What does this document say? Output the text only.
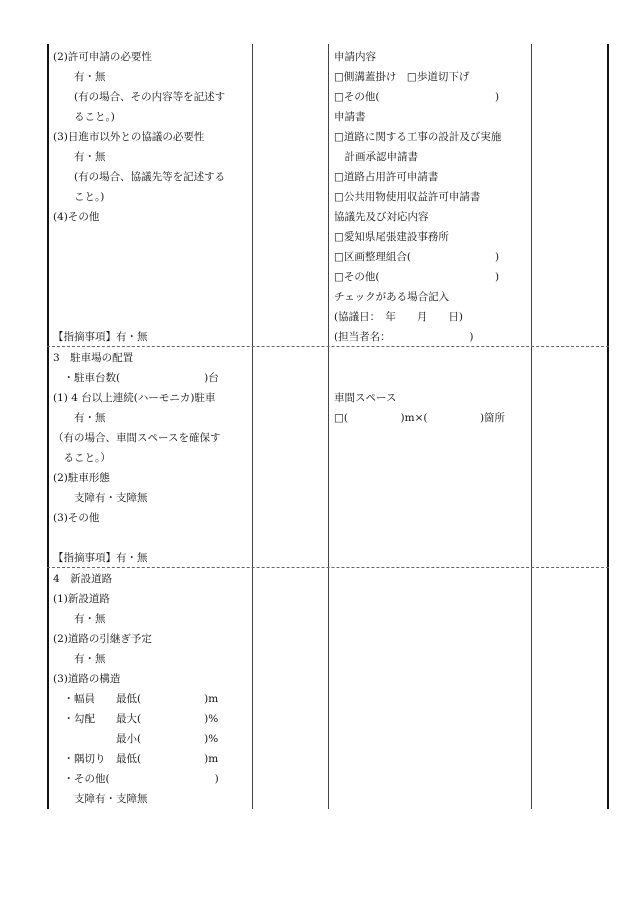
(2)許可申請の必要性
　　有・無
　　(有の場合、その内容等を記述す
　　ること。)
(3)日進市以外との協議の必要性
　　有・無
　　(有の場合、協議先等を記述する
　　こと。)
(4)その他
【指摘事項】有・無
3　駐車場の配置
　・駐車台数(　　　　　　　　)台
(1) 4 台以上連続(ハーモニカ)駐車
　　有・無
（有の場合、車間スペースを確保す
　ること。）
(2)駐車形態
　　支障有・支障無
(3)その他
【指摘事項】有・無
4　新設道路
(1)新設道路
　　有・無
(2)道路の引継ぎ予定
　　有・無
(3)道路の構造
　・幅員　　最低(　　　　　　)m
　・勾配　　最大(　　　　　　)%
　　　　　　最小(　　　　　　)%
　・隅切り　最低(　　　　　　)m
　・その他(　　　　　　　　　　)
　　支障有・支障無
申請内容
□側溝蓋掛け　□歩道切下げ
□その他(　　　　　　　　　　　)
申請書
□道路に関する工事の設計及び実施
　計画承認申請書
□道路占用許可申請書
□公共用物使用収益許可申請書
協議先及び対応内容
□愛知県尾張建設事務所
□区画整理組合(　　　　　　　　)
□その他(　　　　　　　　　　　)
チェックがある場合記入
(協議日：　年　　月　　日)
(担当者名：　　　　　　　　)
車間スペース
□(　　　　　)m×(　　　　　)箇所
